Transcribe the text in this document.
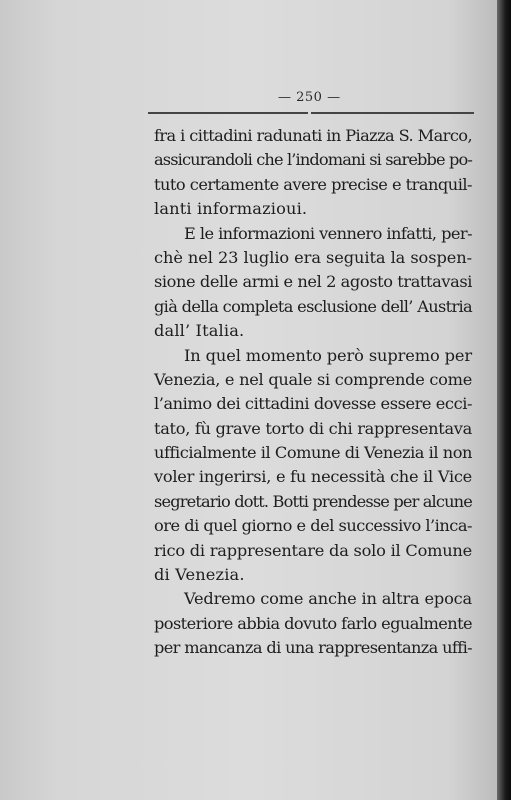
— 250 —
fra i cittadini radunati in Piazza S. Marco,
assicurandoli che l’indomani si sarebbe po-
tuto certamente avere precise e tranquil-
lanti informazioui.
E le informazioni vennero infatti, per-
chè nel 23 luglio era seguita la sospen-
sione delle armi e nel 2 agosto trattavasi
già della completa esclusione dell’ Austria
dall’ Italia.
In quel momento però supremo per
Venezia, e nel quale si comprende come
l’animo dei cittadini dovesse essere ecci-
tato, fù grave torto di chi rappresentava
ufficialmente il Comune di Venezia il non
voler ingerirsi, e fu necessità che il Vice
segretario dott. Botti prendesse per alcune
ore di quel giorno e del successivo l’inca-
rico di rappresentare da solo il Comune
di Venezia.
Vedremo come anche in altra epoca
posteriore abbia dovuto farlo egualmente
per mancanza di una rappresentanza uffi-
